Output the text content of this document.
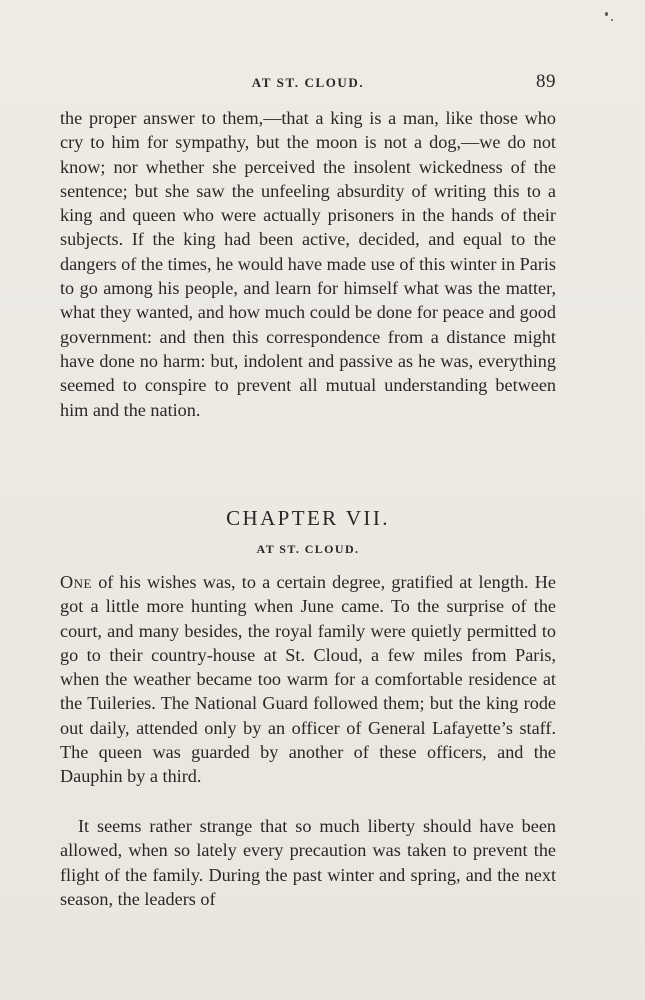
AT ST. CLOUD.	89

the proper answer to them,—that a king is a man, like those who cry to him for sympathy, but the moon is not a dog,—we do not know; nor whether she perceived the insolent wickedness of the sentence; but she saw the unfeeling absurdity of writing this to a king and queen who were actually prisoners in the hands of their subjects. If the king had been active, decided, and equal to the dangers of the times, he would have made use of this winter in Paris to go among his people, and learn for himself what was the matter, what they wanted, and how much could be done for peace and good government: and then this correspondence from a distance might have done no harm: but, indolent and passive as he was, everything seemed to conspire to prevent all mutual understanding between him and the nation.

CHAPTER VII.
AT ST. CLOUD.

One of his wishes was, to a certain degree, gratified at length. He got a little more hunting when June came. To the surprise of the court, and many besides, the royal family were quietly permitted to go to their country-house at St. Cloud, a few miles from Paris, when the weather became too warm for a comfortable residence at the Tuileries. The National Guard followed them; but the king rode out daily, attended only by an officer of General Lafayette’s staff. The queen was guarded by another of these officers, and the Dauphin by a third.

It seems rather strange that so much liberty should have been allowed, when so lately every precaution was taken to prevent the flight of the family. During the past winter and spring, and the next season, the leaders of
